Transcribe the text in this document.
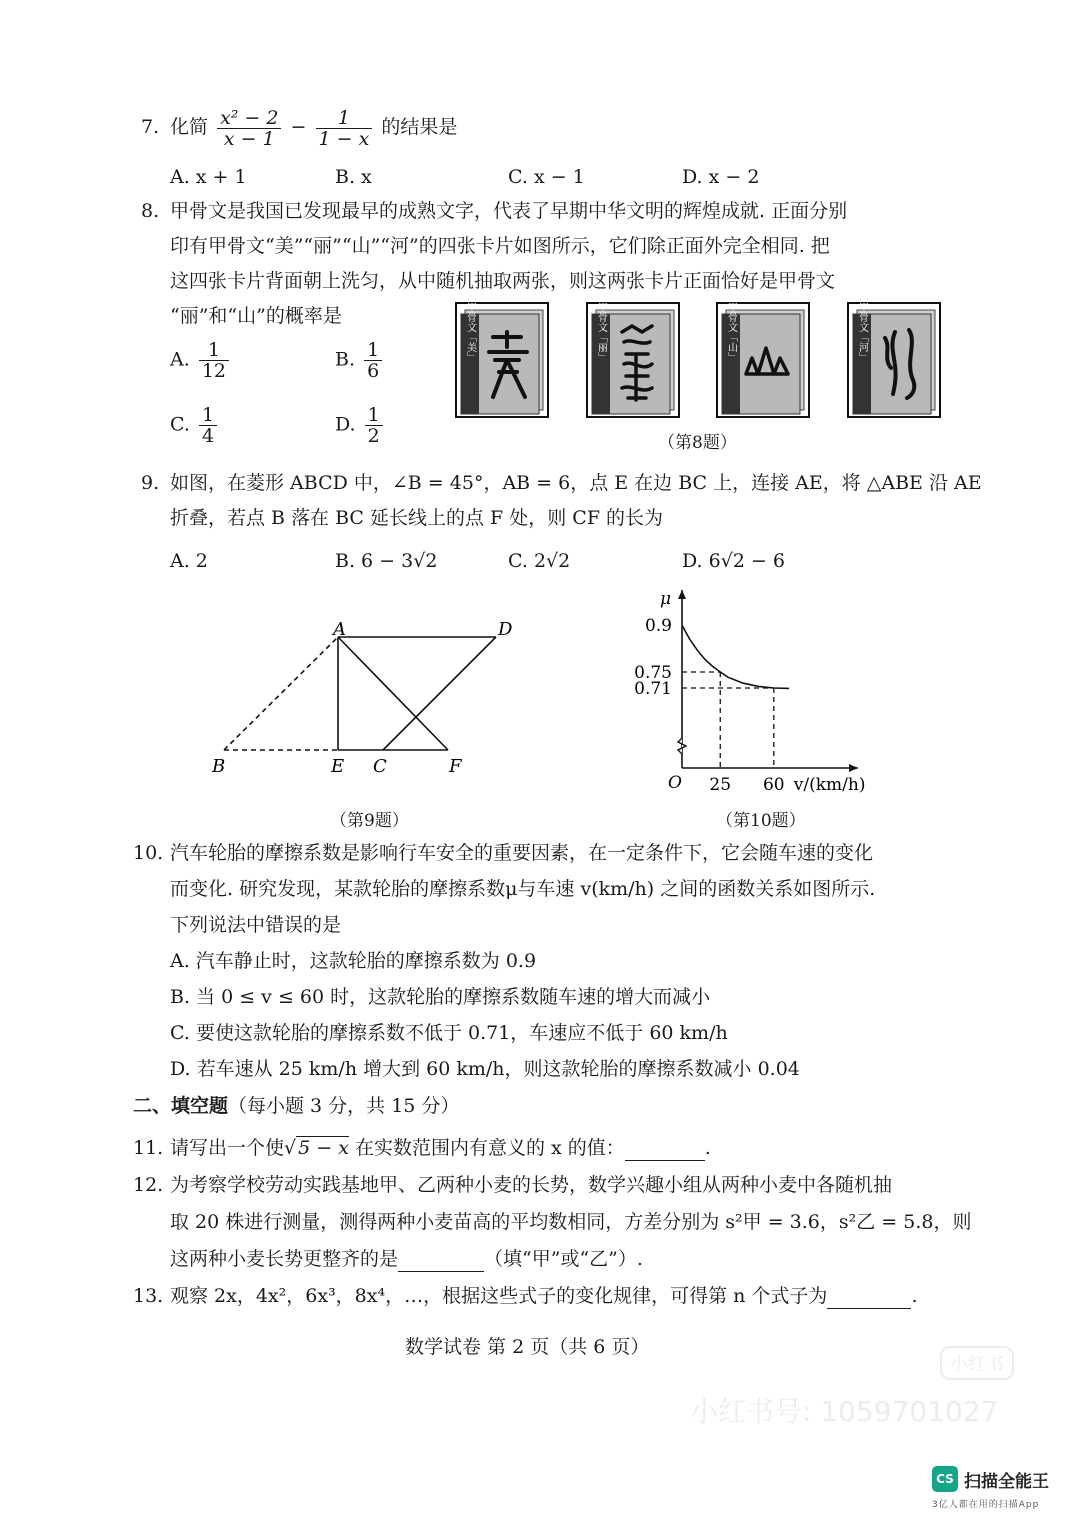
7. 化简 $\frac{\text{x² − 2}}{x - 1} - \frac{1}{1 - x}$ 的结果是
A. x + 1	B. x	C. x − 1	D. x − 2
8. 甲骨文是我国已发现最早的成熟文字，代表了早期中华文明的辉煌成就. 正面分别
印有甲骨文“美”“丽”“山”“河”的四张卡片如图所示，它们除正面外完全相同. 把
这四张卡片背面朝上洗匀，从中随机抽取两张，则这两张卡片正面恰好是甲骨文
“丽”和“山”的概率是
A. $\frac{1}{12}$	B. $\frac{1}{6}$
C. $\frac{1}{4}$	D. $\frac{1}{2}$
甲骨文「美」	甲骨文「丽」	甲骨文「山」	甲骨文「河」
（第8题）
9. 如图，在菱形 ABCD 中，∠B = 45°，AB = 6，点 E 在边 BC 上，连接 AE，将 △ABE 沿 AE
折叠，若点 B 落在 BC 延长线上的点 F 处，则 CF 的长为
A. 2	B. 6 − 3√2	C. 2√2	D. 6√2 − 6
A	D
B	E C	F
（第9题）
0.9
0.75
0.71
25 60
O	v/(km/h)
μ
（第10题）
10. 汽车轮胎的摩擦系数是影响行车安全的重要因素，在一定条件下，它会随车速的变化
而变化. 研究发现，某款轮胎的摩擦系数μ与车速 v(km/h) 之间的函数关系如图所示.
下列说法中错误的是
A. 汽车静止时，这款轮胎的摩擦系数为 0.9
B. 当 0 ≤ v ≤ 60 时，这款轮胎的摩擦系数随车速的增大而减小
C. 要使这款轮胎的摩擦系数不低于 0.71，车速应不低于 60 km/h
D. 若车速从 25 km/h 增大到 60 km/h，则这款轮胎的摩擦系数减小 0.04
二、填空题（每小题 3 分，共 15 分）
11. 请写出一个使√ 5 − x 在实数范围内有意义的 x 的值：	.
12. 为考察学校劳动实践基地甲、乙两种小麦的长势，数学兴趣小组从两种小麦中各随机抽
取 20 株进行测量，测得两种小麦苗高的平均数相同，方差分别为 s²甲 = 3.6，s²乙 = 5.8，则
这两种小麦长势更整齐的是	（填“甲”或“乙”）.
13. 观察 2x，4x²，6x³，8x⁴，…，根据这些式子的变化规律，可得第 n 个式子为	.
数学试卷 第 2 页（共 6 页）
小红书
小红书号: 1059701027
CS 扫描全能王
3亿人都在用的扫描App
